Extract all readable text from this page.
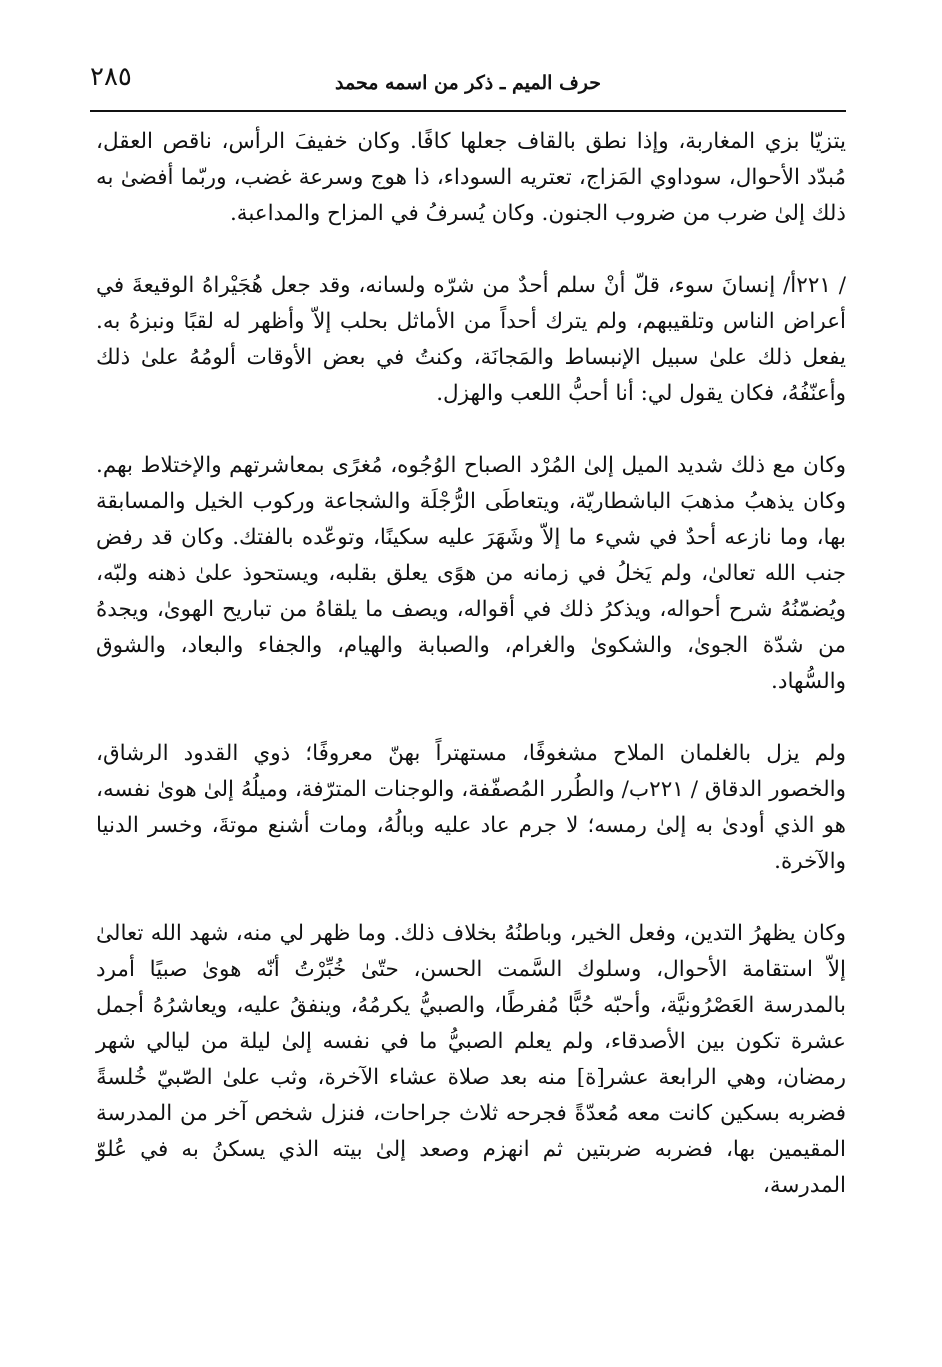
٢٨٥	حرف الميم ـ ذكر من اسمه محمد

يتزيّا بزي المغاربة، وإذا نطق بالقاف جعلها كافًا. وكان خفيفَ الرأس، ناقص العقل، مُبدّد الأحوال، سوداوي المَزاج، تعتريه السوداء، ذا هوج وسرعة غضب، وربّما أفضىٰ به ذلك إلىٰ ضرب من ضروب الجنون. وكان يُسرفُ في المزاح والمداعبة.

/ ٢٢١أ/ إنسانَ سوء، قلّ أنْ سلم أحدٌ من شرّه ولسانه، وقد جعل هُجَيْراهُ الوقيعةَ في أعراض الناس وتلقيبهم، ولم يترك أحداً من الأماثل بحلب إلاّ وأظهر له لقبًا ونبزهُ به. يفعل ذلك علىٰ سبيل الإنبساط والمَجانَة، وكنتُ في بعض الأوقات ألومُهُ علىٰ ذلك وأعنّفُهُ، فكان يقول لي: أنا أحبُّ اللعب والهزل.

وكان مع ذلك شديد الميل إلىٰ المُرْد الصباح الوُجُوه، مُغرًى بمعاشرتهم والإختلاط بهم. وكان يذهبُ مذهبَ الباشطاريّة، ويتعاطَى الرُّجْلَة والشجاعة وركوب الخيل والمسابقة بها، وما نازعه أحدٌ في شيء ما إلاّ وشَهَرَ عليه سكينًا، وتوعّده بالفتك. وكان قد رفض جنب الله تعالىٰ، ولم يَخلُ في زمانه من هوًى يعلق بقلبه، ويستحوذ علىٰ ذهنه ولبّه، ويُضمّنُهُ شرح أحواله، ويذكرُ ذلك في أقواله، ويصف ما يلقاهُ من تباريح الهوىٰ، ويجدهُ من شدّة الجوىٰ، والشكوىٰ والغرام، والصبابة والهيام، والجفاء والبعاد، والشوق والسُّهاد.

ولم يزل بالغلمان الملاح مشغوفًا، مستهتراً بهنّ معروفًا؛ ذوي القدود الرشاق، والخصور الدقاق / ٢٢١ب/ والطُرر المُصفّفة، والوجنات المترّفة، وميلُهُ إلىٰ هوىٰ نفسه، هو الذي أودىٰ به إلىٰ رمسه؛ لا جرم عاد عليه وبالُهُ، ومات أشنع موتةَ، وخسر الدنيا والآخرة.

وكان يظهرُ التدين، وفعل الخير، وباطنُهُ بخلاف ذلك. وما ظهر لي منه، شهد الله تعالىٰ إلاّ استقامة الأحوال، وسلوك السَّمت الحسن، حتّىٰ خُبِّرْتُ أنّه هوىٰ صبيًا أمرد بالمدرسة العَصْرُونيَّة، وأحبّه حُبًّا مُفرطًا، والصبيُّ يكرمُهُ، وينفقُ عليه، ويعاشرُهُ أجمل عشرة تكون بين الأصدقاء، ولم يعلم الصبيُّ ما في نفسه إلىٰ ليلة من ليالي شهر رمضان، وهي الرابعة عشر[ة] منه بعد صلاة عشاء الآخرة، وثب علىٰ الصّبيّ خُلسةً فضربه بسكين كانت معه مُعدّةً فجرحه ثلاث جراحات، فنزل شخص آخر من المدرسة المقيمين بها، فضربه ضربتين ثم انهزم وصعد إلىٰ بيته الذي يسكنُ به في عُلوّ المدرسة،
